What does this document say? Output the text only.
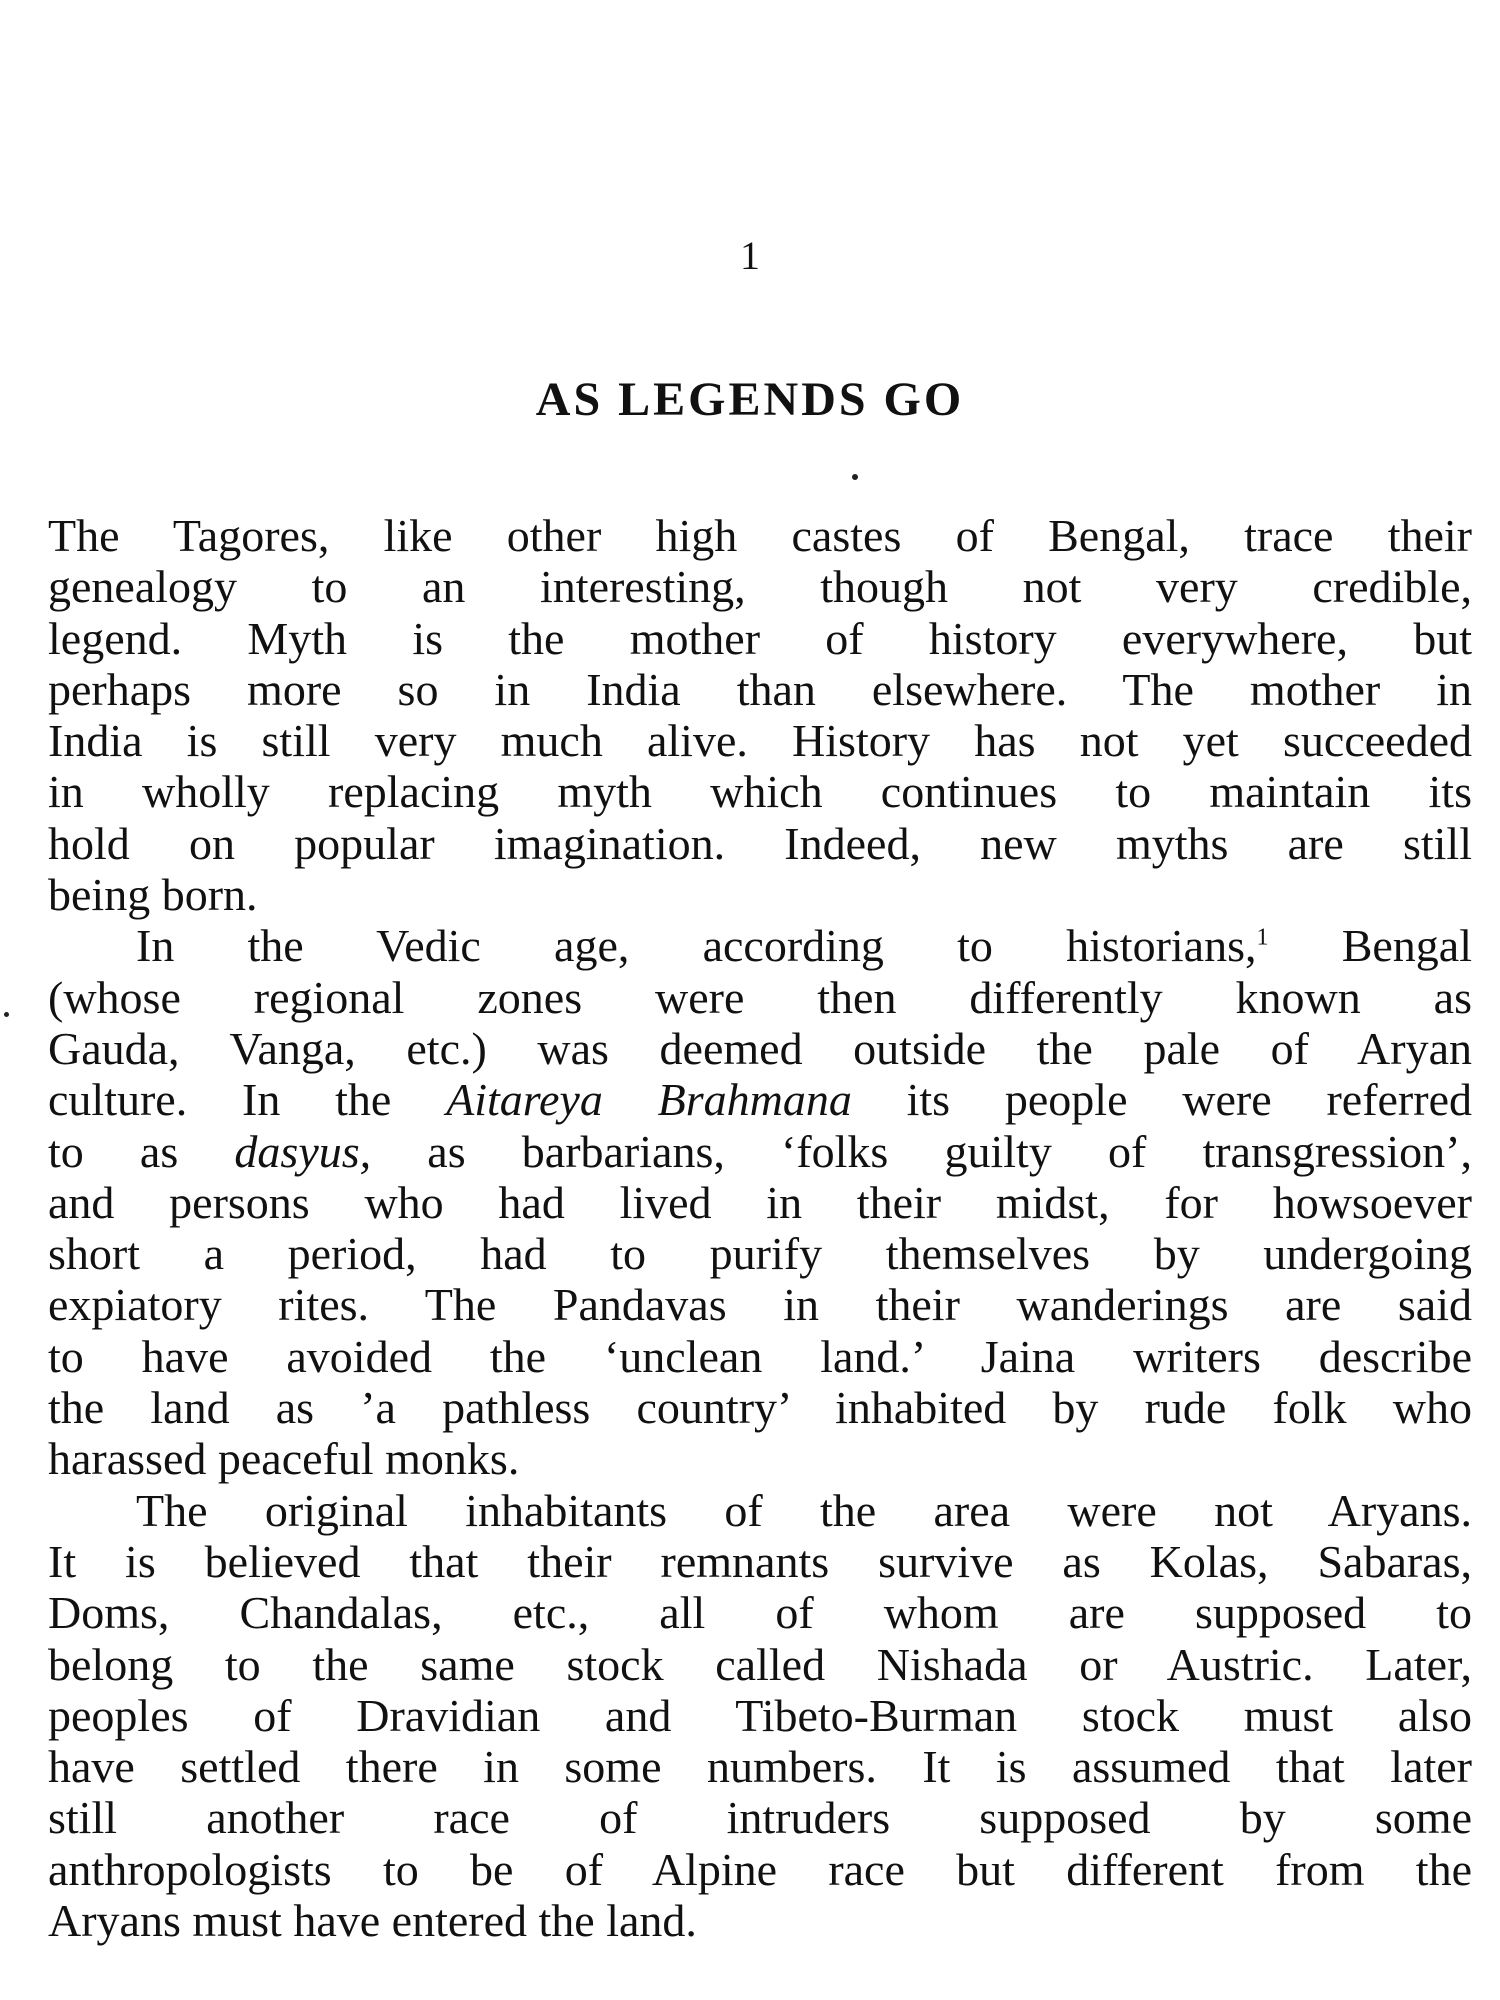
1
AS LEGENDS GO
The Tagores, like other high castes of Bengal, trace their
genealogy to an interesting, though not very credible,
legend. Myth is the mother of history everywhere, but
perhaps more so in India than elsewhere. The mother in
India is still very much alive. History has not yet succeeded
in wholly replacing myth which continues to maintain its
hold on popular imagination. Indeed, new myths are still
being born.
In the Vedic age, according to historians,$^1$ Bengal
(whose regional zones were then differently known as
Gauda, Vanga, etc.) was deemed outside the pale of Aryan
culture. In the Aitareya Brahmana its people were referred
to as dasyus, as barbarians, ‘folks guilty of transgression’,
and persons who had lived in their midst, for howsoever
short a period, had to purify themselves by undergoing
expiatory rites. The Pandavas in their wanderings are said
to have avoided the ‘unclean land.’ Jaina writers describe
the land as ’a pathless country’ inhabited by rude folk who
harassed peaceful monks.
The original inhabitants of the area were not Aryans.
It is believed that their remnants survive as Kolas, Sabaras,
Doms, Chandalas, etc., all of whom are supposed to
belong to the same stock called Nishada or Austric. Later,
peoples of Dravidian and Tibeto-Burman stock must also
have settled there in some numbers. It is assumed that later
still another race of intruders supposed by some
anthropologists to be of Alpine race but different from the
Aryans must have entered the land.
